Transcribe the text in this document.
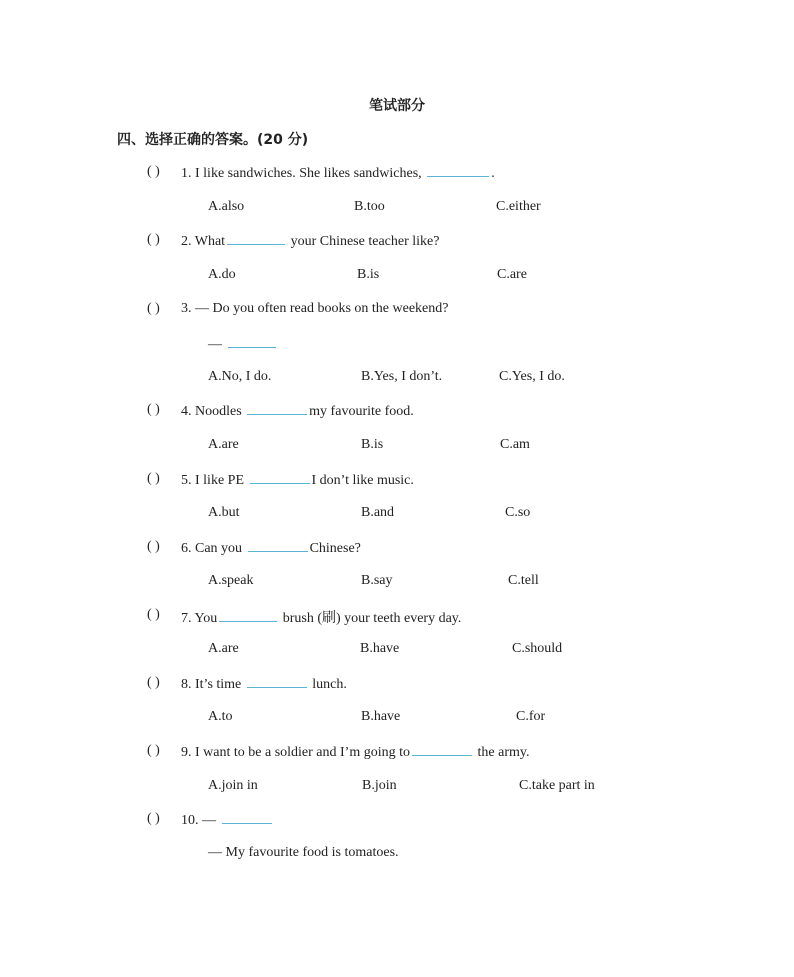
笔试部分
四、选择正确的答案。(20 分)
( ) 1. I like sandwiches. She likes sandwiches,	.
A.also	B.too	C.either
( ) 2. What	your Chinese teacher like?
A.do	B.is	C.are
( ) 3. — Do you often read books on the weekend?
—
A.No, I do.	B.Yes, I don’t.	C.Yes, I do.
( ) 4. Noodles	my favourite food.
A.are	B.is	C.am
( ) 5. I like PE	I don’t like music.
A.but	B.and	C.so
( ) 6. Can you	Chinese?
A.speak	B.say	C.tell
( ) 7. You	brush (刷) your teeth every day.
A.are	B.have	C.should
( ) 8. It’s time	lunch.
A.to	B.have	C.for
( ) 9. I want to be a soldier and I’m going to	the army.
A.join in	B.join	C.take part in
( ) 10. —
— My favourite food is tomatoes.
